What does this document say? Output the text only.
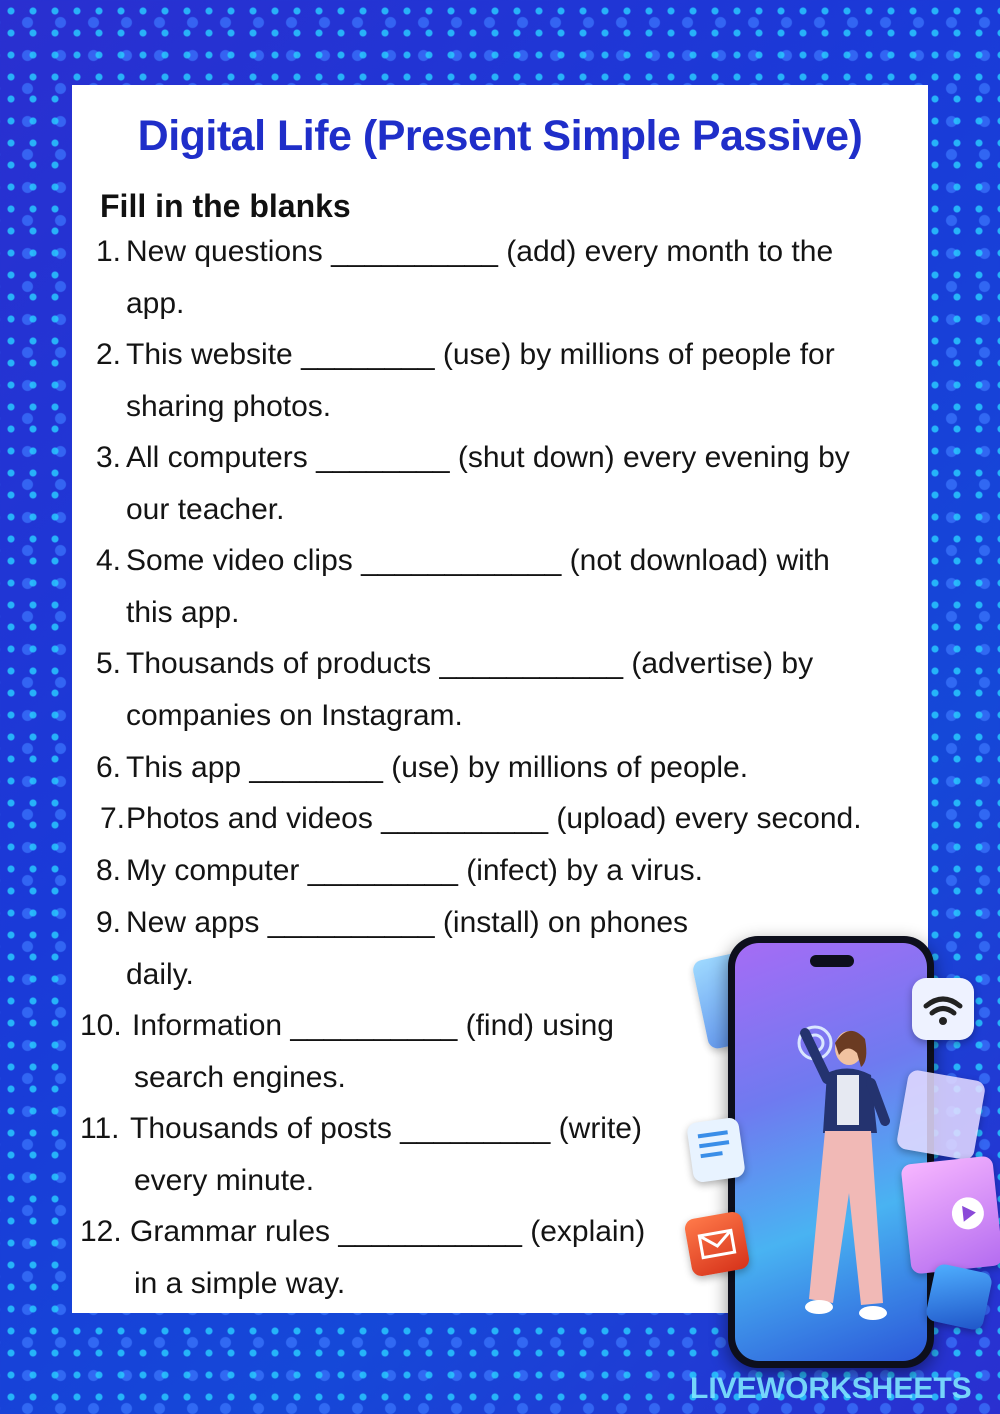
Digital Life (Present Simple Passive)
Fill in the blanks
1. New questions __________ (add) every month to the
app.
2. This website ________ (use) by millions of people for
sharing photos.
3. All computers ________ (shut down) every evening by
our teacher.
4. Some video clips ____________ (not download) with
this app.
5. Thousands of products ___________ (advertise) by
companies on Instagram.
6. This app ________ (use) by millions of people.
7. Photos and videos __________ (upload) every second.
8. My computer _________ (infect) by a virus.
9. New apps __________ (install) on phones
daily.
10. Information __________ (find) using
search engines.
11. Thousands of posts _________ (write)
every minute.
12. Grammar rules ___________ (explain)
in a simple way.
LIVEWORKSHEETS
